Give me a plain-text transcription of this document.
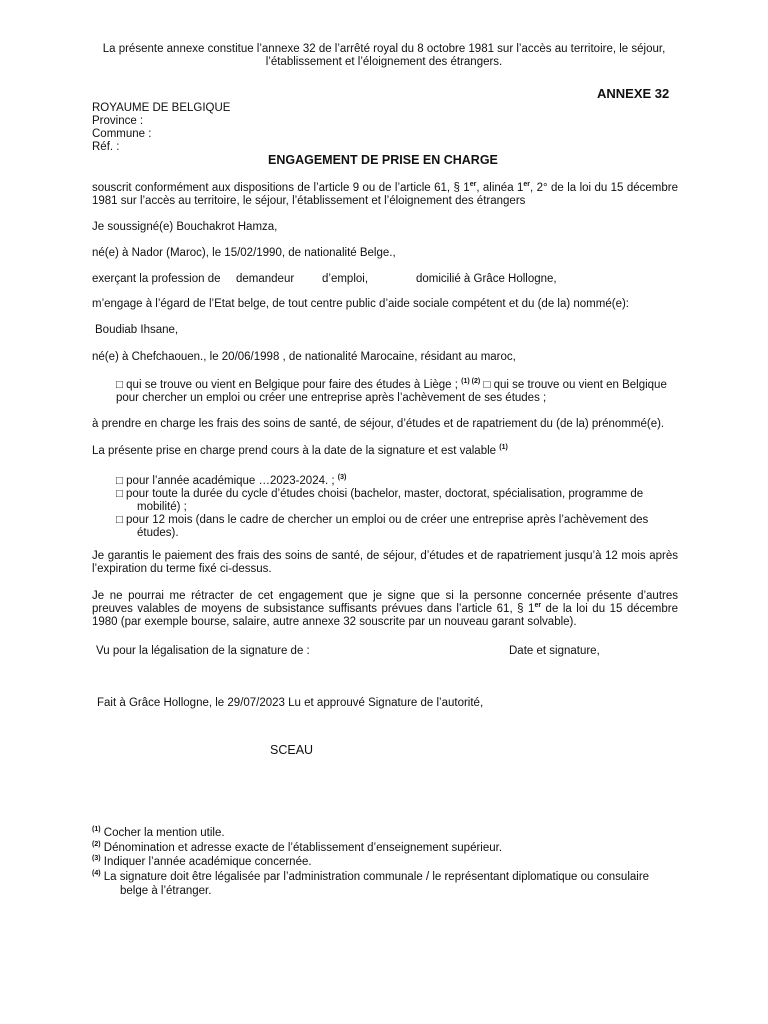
La présente annexe constitue l’annexe 32 de l’arrêté royal du 8 octobre 1981 sur l’accès au territoire, le séjour,
l’établissement et l’éloignement des étrangers.
ANNEXE 32
ROYAUME DE BELGIQUE
Province :
Commune :
Réf. :
ENGAGEMENT DE PRISE EN CHARGE
souscrit conformément aux dispositions de l’article 9 ou de l’article 61, § 1er, alinéa 1er, 2° de la loi du 15 décembre 1981 sur l’accès au territoire, le séjour, l’établissement et l’éloignement des étrangers
Je soussigné(e) Bouchakrot Hamza,
né(e) à Nador (Maroc), le 15/02/1990, de nationalité Belge.,
exerçant la profession de demandeur d’emploi,	domicilié à Grâce Hollogne,
m’engage à l’égard de l’Etat belge, de tout centre public d’aide sociale compétent et du (de la) nommé(e):
Boudiab Ihsane,
né(e) à Chefchaouen., le 20/06/1998 , de nationalité Marocaine, résidant au maroc,
□ qui se trouve ou vient en Belgique pour faire des études à Liège ; $^{(1) (2)}$ □ qui se trouve ou vient en Belgique pour chercher un emploi ou créer une entreprise après l’achèvement de ses études ;
à prendre en charge les frais des soins de santé, de séjour, d’études et de rapatriement du (de la) prénommé(e).
La présente prise en charge prend cours à la date de la signature et est valable $^{(1)}$
□ pour l’année académique …2023-2024. ; $^{(3)}$
□ pour toute la durée du cycle d’études choisi (bachelor, master, doctorat, spécialisation, programme de mobilité) ;
□ pour 12 mois (dans le cadre de chercher un emploi ou de créer une entreprise après l’achèvement des études).
Je garantis le paiement des frais des soins de santé, de séjour, d’études et de rapatriement jusqu’à 12 mois après l’expiration du terme fixé ci-dessus.
Je ne pourrai me rétracter de cet engagement que je signe que si la personne concernée présente d’autres preuves valables de moyens de subsistance suffisants prévues dans l’article 61, § 1er de la loi du 15 décembre 1980 (par exemple bourse, salaire, autre annexe 32 souscrite par un nouveau garant solvable).
Vu pour la légalisation de la signature de :	Date et signature,
Fait à Grâce Hollogne, le 29/07/2023 Lu et approuvé Signature de l’autorité,
SCEAU
$^{(1)}$ Cocher la mention utile.
$^{(2)}$ Dénomination et adresse exacte de l’établissement d’enseignement supérieur.
$^{(3)}$ Indiquer l’année académique concernée.
$^{(4)}$ La signature doit être légalisée par l’administration communale / le représentant diplomatique ou consulaire
belge à l’étranger.
